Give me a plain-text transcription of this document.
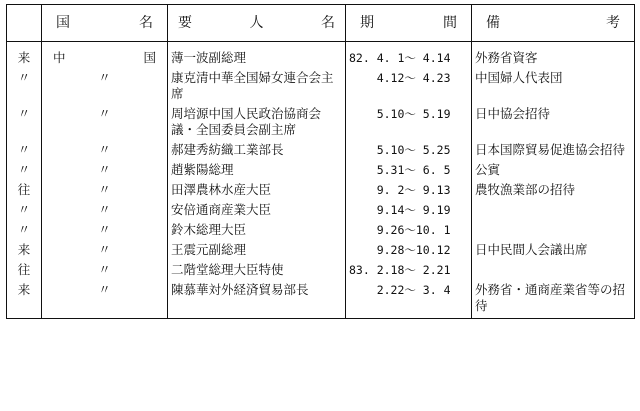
	国 名	要 人 名	期 間	備 考

来	中 国	薄一波副総理	82. 4. 1～ 4.14	外務省資客
〃	〃	康克清中華全国婦女連合会主席	4.12～ 4.23	中国婦人代表団
〃	〃	周培源中国人民政治協商会議・全国委員会副主席	5.10～ 5.19	日中協会招待
〃	〃	郝建秀紡織工業部長	5.10～ 5.25	日本国際貿易促進協会招待
〃	〃	趙紫陽総理	5.31～ 6. 5	公賓
往	〃	田澤農林水産大臣	9. 2～ 9.13	農牧漁業部の招待
〃	〃	安倍通商産業大臣	9.14～ 9.19	
〃	〃	鈴木総理大臣	9.26～10. 1	
来	〃	王震元副総理	9.28～10.12	日中民間人会議出席
往	〃	二階堂総理大臣特使	83. 2.18～ 2.21	
来	〃	陳慕華対外経済貿易部長	2.22～ 3. 4	外務省・通商産業省等の招待
